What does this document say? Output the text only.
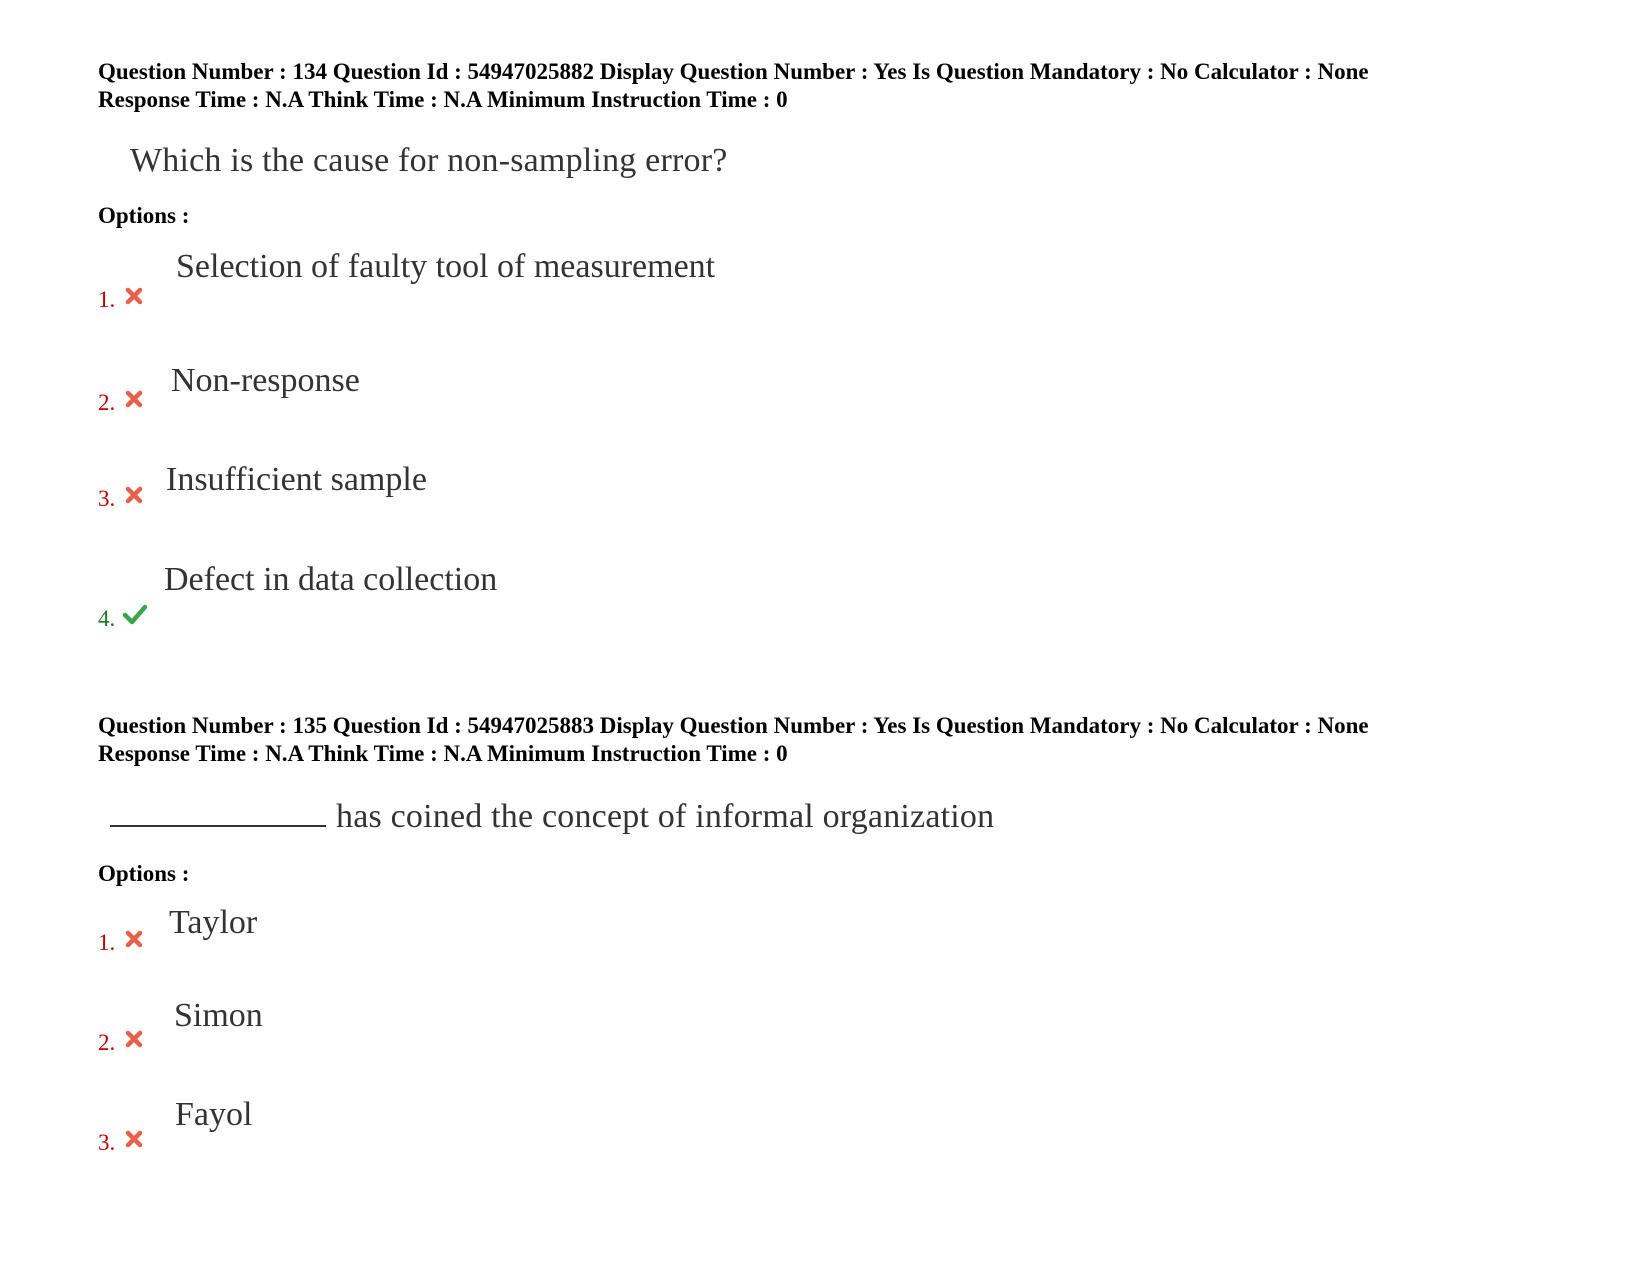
Question Number : 134 Question Id : 54947025882 Display Question Number : Yes Is Question Mandatory : No Calculator : None
Response Time : N.A Think Time : N.A Minimum Instruction Time : 0
Which is the cause for non-sampling error?
Options :
1.
Selection of faulty tool of measurement
2.
Non-response
3.
Insufficient sample
4.
Defect in data collection
Question Number : 135 Question Id : 54947025883 Display Question Number : Yes Is Question Mandatory : No Calculator : None
Response Time : N.A Think Time : N.A Minimum Instruction Time : 0
has coined the concept of informal organization
Options :
1.
Taylor
2.
Simon
3.
Fayol
